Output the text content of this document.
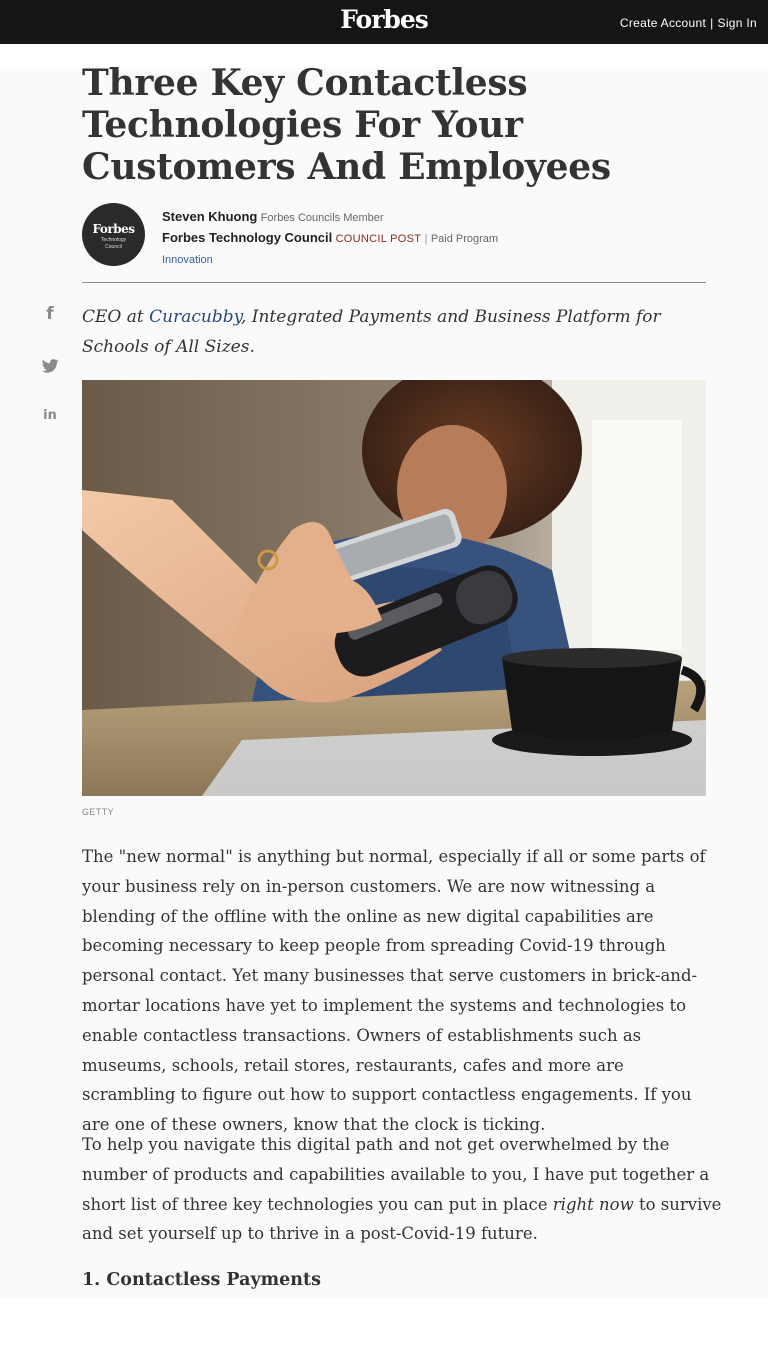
Forbes	Create Account | Sign In
Three Key Contactless Technologies For Your Customers And Employees
Forbes
Technology
Council
Steven Khuong Forbes Councils Member
Forbes Technology Council COUNCIL POST | Paid Program
Innovation
f
in

CEO at Curacubby, Integrated Payments and Business Platform for Schools of All Sizes.

GETTY

The "new normal" is anything but normal, especially if all or some parts of your business rely on in-person customers. We are now witnessing a blending of the offline with the online as new digital capabilities are becoming necessary to keep people from spreading Covid-19 through personal contact. Yet many businesses that serve customers in brick-and-mortar locations have yet to implement the systems and technologies to enable contactless transactions. Owners of establishments such as museums, schools, retail stores, restaurants, cafes and more are scrambling to figure out how to support contactless engagements. If you are one of these owners, know that the clock is ticking.

To help you navigate this digital path and not get overwhelmed by the number of products and capabilities available to you, I have put together a short list of three key technologies you can put in place right now to survive and set yourself up to thrive in a post-Covid-19 future.

1. Contactless Payments
